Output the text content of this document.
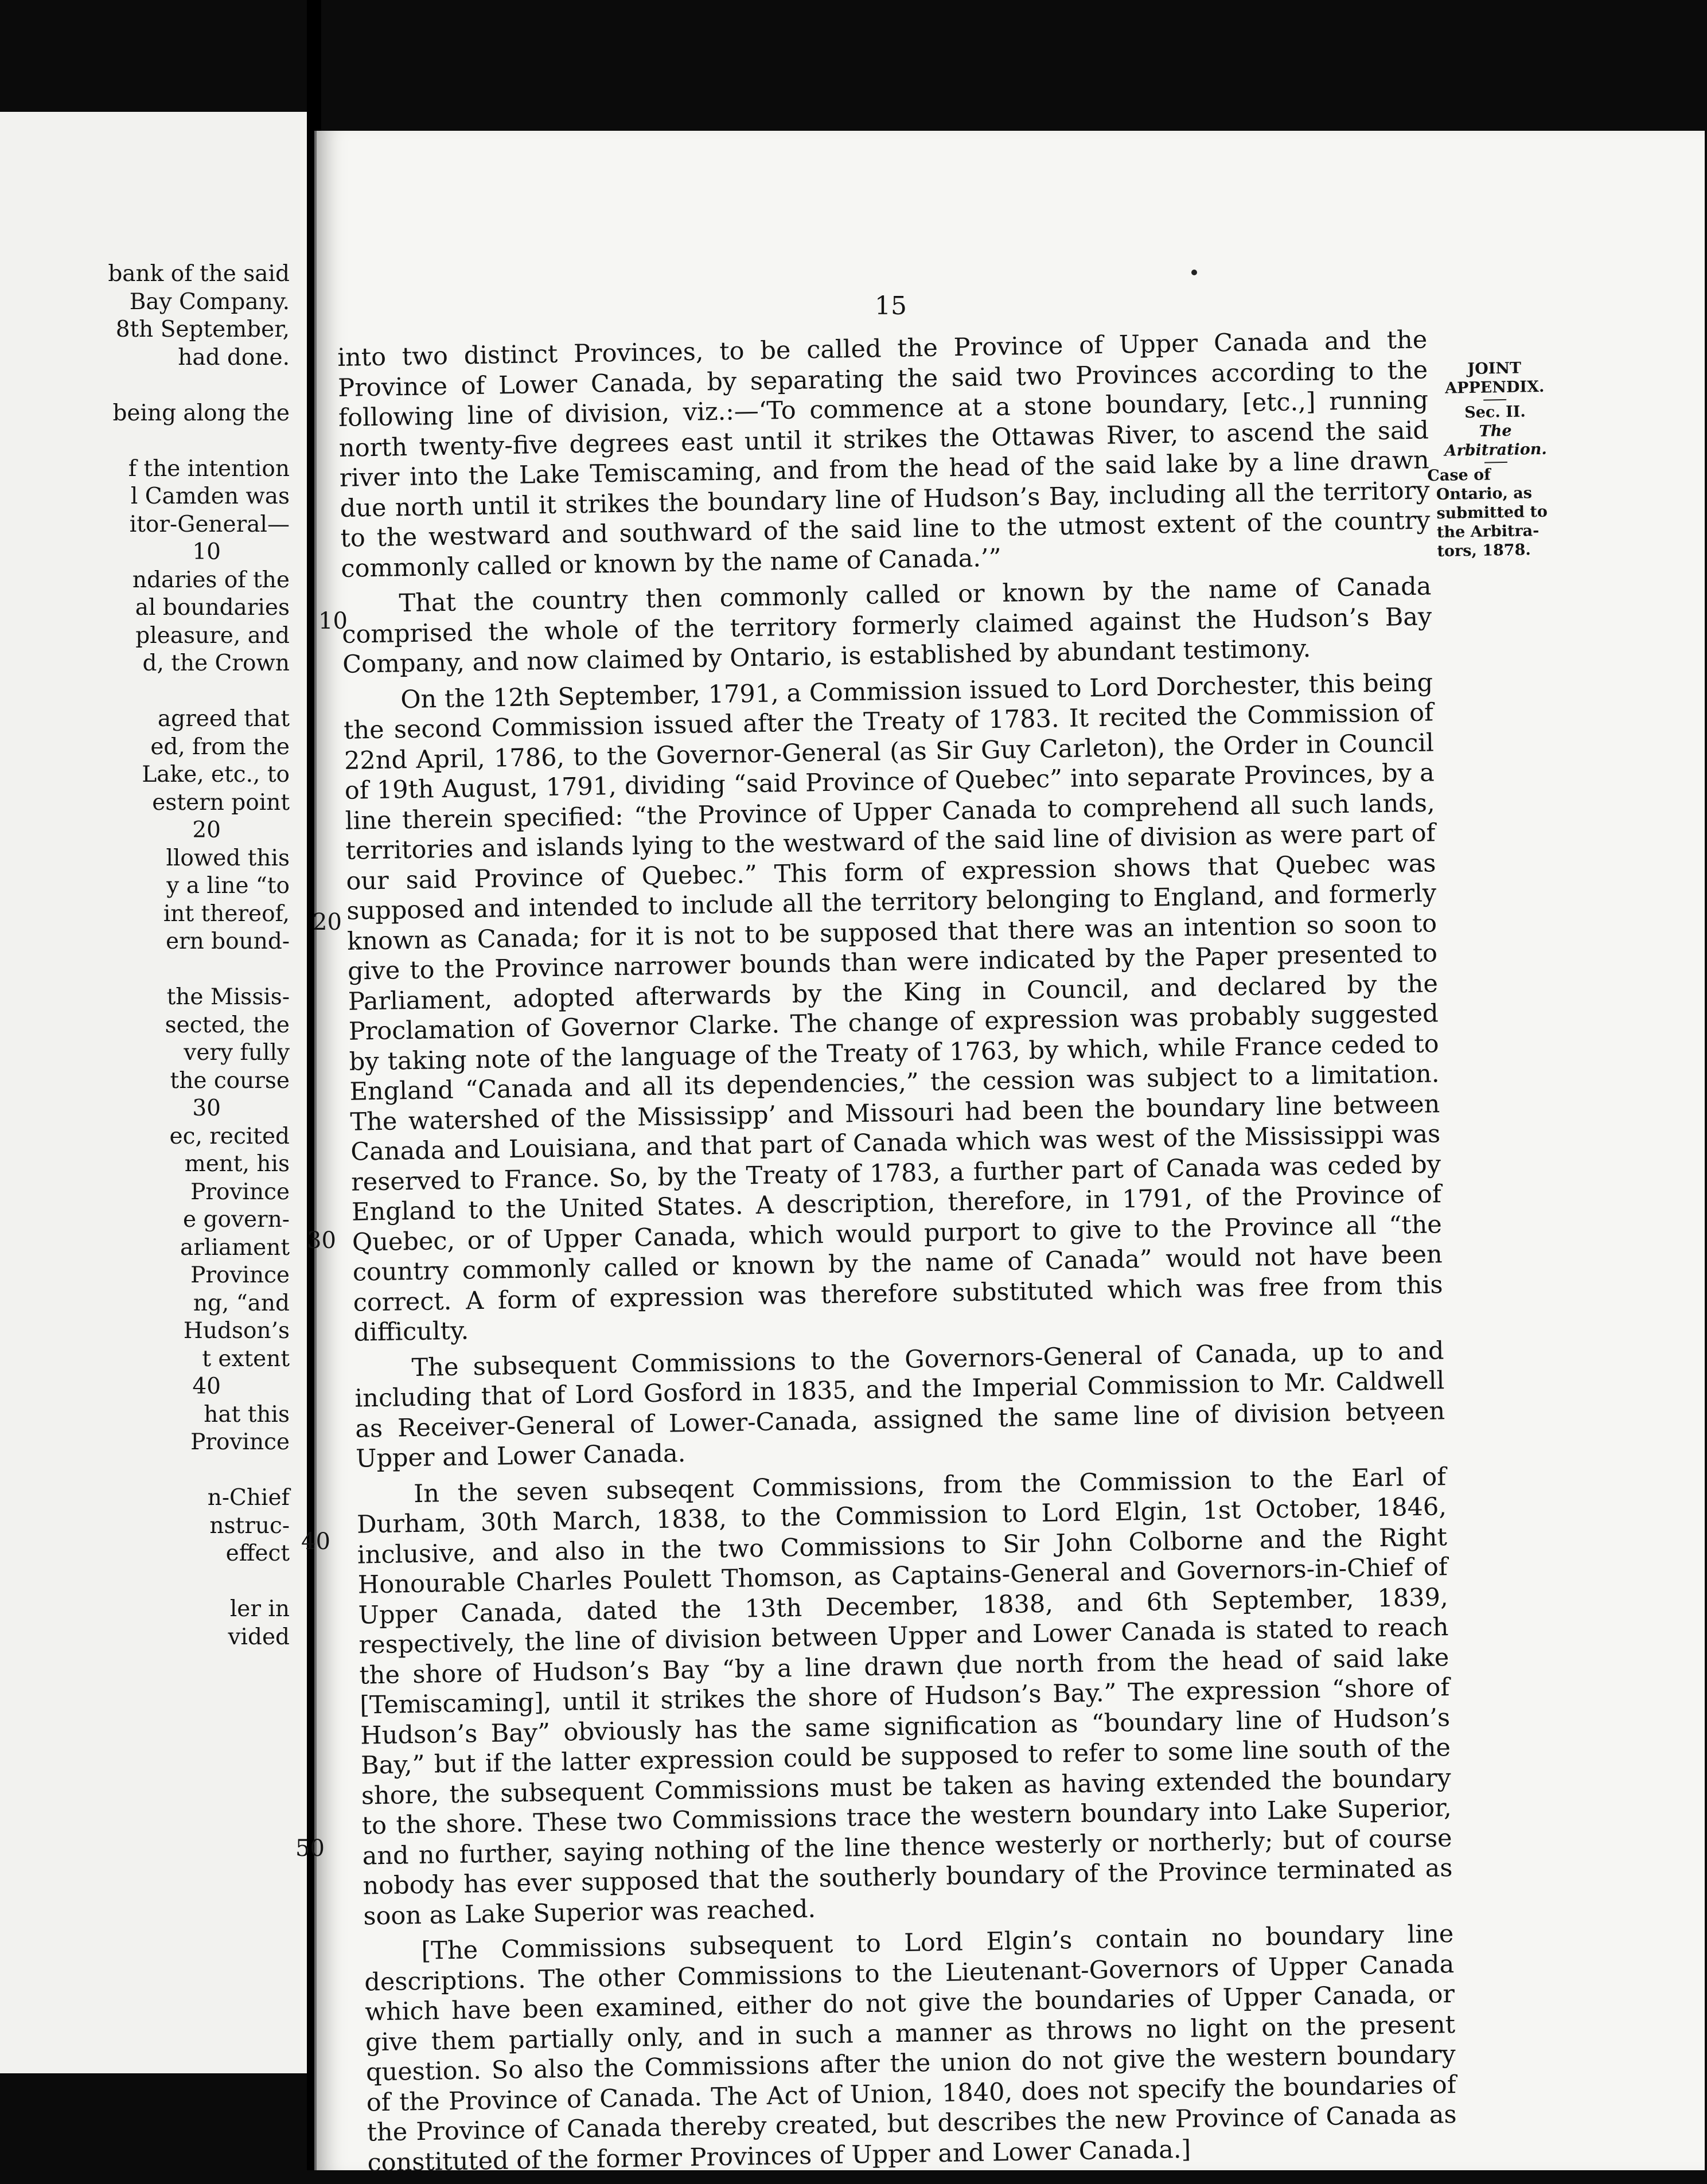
bank of the said
Bay Company.
8th September,
had done.
being along the
f the intention
l Camden was
itor-General—
10
ndaries of the
al boundaries
pleasure, and
d, the Crown
agreed that
ed, from the
Lake, etc., to
estern point
20
llowed this
y a line “to
int thereof,
ern bound-
the Missis-
sected, the
very fully
the course
30
ec, recited
ment, his
Province
e govern-
arliament
Province
ng, “and
Hudson’s
t extent
40
hat this
Province
n-Chief
nstruc-
effect
ler in
vided
15

into two distinct Provinces, to be called the Province of Upper Canada and the Province of Lower Canada, by separating the said two Provinces according to the following line of division, viz.:—‘To commence at a stone boundary, [etc.,] running north twenty-five degrees east until it strikes the Ottawas River, to ascend the said river into the Lake Temiscaming, and from the head of the said lake by a line drawn due north until it strikes the boundary line of Hudson’s Bay, including all the territory to the westward and southward of the said line to the utmost extent of the country commonly called or known by the name of Canada.’”

That the country then commonly called or known by the name of Canada comprised the whole of the territory formerly claimed against the Hudson’s Bay Company, and now claimed by Ontario, is established by abundant testimony.

On the 12th September, 1791, a Commission issued to Lord Dorchester, this being the second Commission issued after the Treaty of 1783. It recited the Commission of 22nd April, 1786, to the Governor-General (as Sir Guy Carleton), the Order in Council of 19th August, 1791, dividing “said Province of Quebec” into separate Provinces, by a line therein specified: “the Province of Upper Canada to comprehend all such lands, territories and islands lying to the westward of the said line of division as were part of our said Province of Quebec.” This form of expression shows that Quebec was supposed and intended to include all the territory belonging to England, and formerly known as Canada; for it is not to be supposed that there was an intention so soon to give to the Province narrower bounds than were indicated by the Paper presented to Parliament, adopted afterwards by the King in Council, and declared by the Proclamation of Governor Clarke. The change of expression was probably suggested by taking note of the language of the Treaty of 1763, by which, while France ceded to England “Canada and all its dependencies,” the cession was subject to a limitation. The watershed of the Mississipp’ and Missouri had been the boundary line between Canada and Louisiana, and that part of Canada which was west of the Mississippi was reserved to France. So, by the Treaty of 1783, a further part of Canada was ceded by England to the United States. A description, therefore, in 1791, of the Province of Quebec, or of Upper Canada, which would purport to give to the Province all “the country commonly called or known by the name of Canada” would not have been correct. A form of expression was therefore substituted which was free from this difficulty.

The subsequent Commissions to the Governors-General of Canada, up to and including that of Lord Gosford in 1835, and the Imperial Commission to Mr. Caldwell as Receiver-General of Lower-Canada, assigned the same line of division betṿeen Upper and Lower Canada.

In the seven subseqent Commissions, from the Commission to the Earl of Durham, 30th March, 1838, to the Commission to Lord Elgin, 1st October, 1846, inclusive, and also in the two Commissions to Sir John Colborne and the Right Honourable Charles Poulett Thomson, as Captains-General and Governors-in-Chief of Upper Canada, dated the 13th December, 1838, and 6th September, 1839, respectively, the line of division between Upper and Lower Canada is stated to reach the shore of Hudson’s Bay “by a line drawn ḍue north from the head of said lake [Temiscaming], until it strikes the shore of Hudson’s Bay.” The expression “shore of Hudson’s Bay” obviously has the same signification as “boundary line of Hudson’s Bay,” but if the latter expression could be supposed to refer to some line south of the shore, the subsequent Commissions must be taken as having extended the boundary to the shore. These two Commissions trace the western boundary into Lake Superior, and no further, saying nothing of the line thence westerly or northerly; but of course nobody has ever supposed that the southerly boundary of the Province terminated as soon as Lake Superior was reached.

[The Commissions subsequent to Lord Elgin’s contain no boundary line descriptions. The other Commissions to the Lieutenant-Governors of Upper Canada which have been examined, either do not give the boundaries of Upper Canada, or give them partially only, and in such a manner as throws no light on the present question. So also the Commissions after the union do not give the western boundary of the Province of Canada. The Act of Union, 1840, does not specify the boundaries of the Province of Canada thereby created, but describes the new Province of Canada as constituted of the former Provinces of Upper and Lower Canada.]

10
20
30
40
50
JOINT
APPENDIX.
Sec. II.
The
Arbitration.
Case of
Ontario, as
submitted to
the Arbitra-
tors, 1878.
